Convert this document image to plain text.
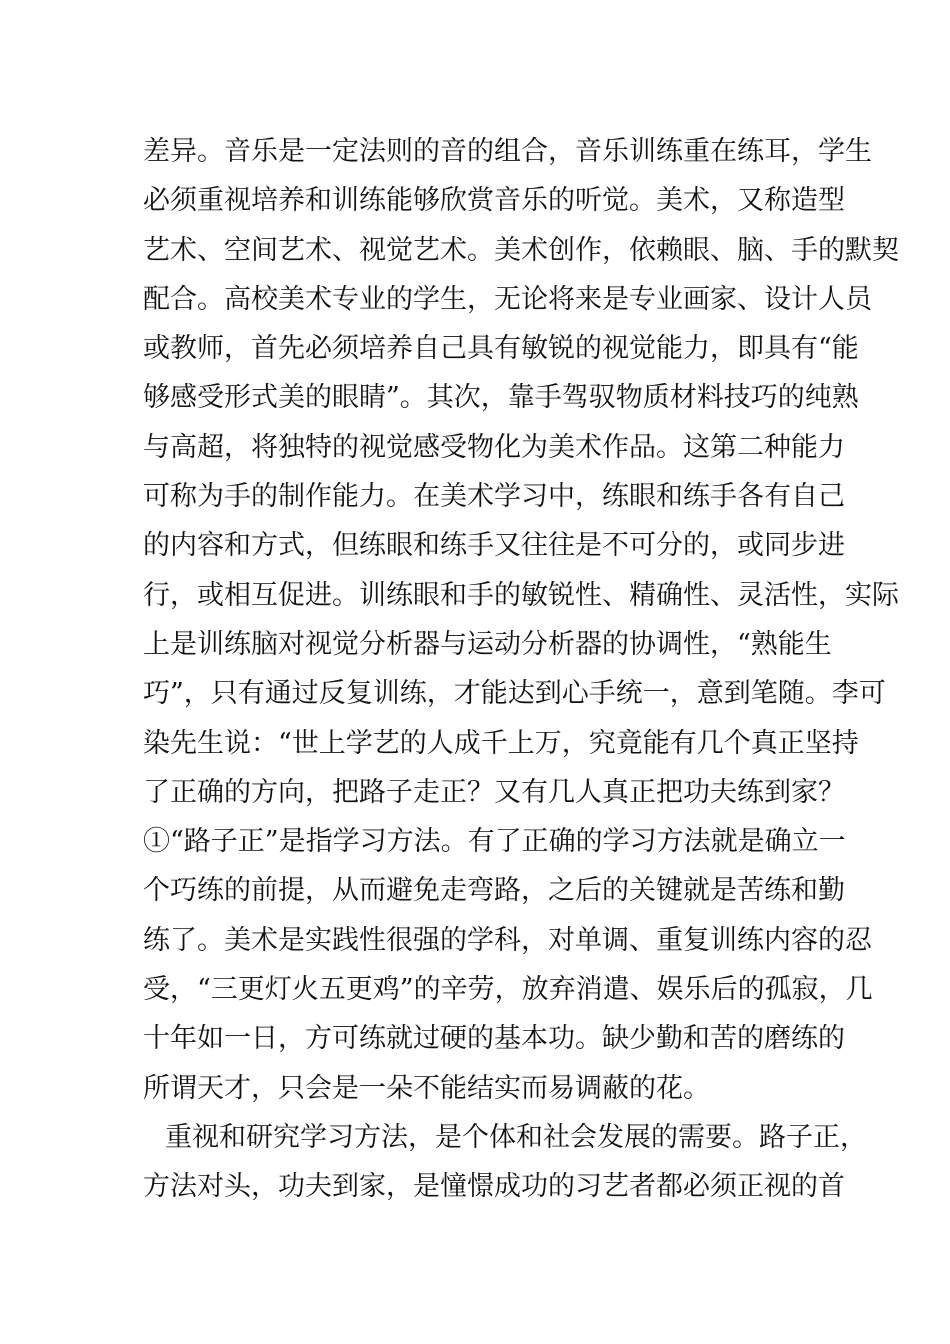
差异。音乐是一定法则的音的组合，音乐训练重在练耳，学生
必须重视培养和训练能够欣赏音乐的听觉。美术，又称造型
艺术、空间艺术、视觉艺术。美术创作，依赖眼、脑、手的默契
配合。高校美术专业的学生，无论将来是专业画家、设计人员
或教师，首先必须培养自己具有敏锐的视觉能力，即具有“能
够感受形式美的眼睛”。其次，靠手驾驭物质材料技巧的纯熟
与高超，将独特的视觉感受物化为美术作品。这第二种能力
可称为手的制作能力。在美术学习中，练眼和练手各有自己
的内容和方式，但练眼和练手又往往是不可分的，或同步进
行，或相互促进。训练眼和手的敏锐性、精确性、灵活性，实际
上是训练脑对视觉分析器与运动分析器的协调性，“熟能生
巧”，只有通过反复训练，才能达到心手统一，意到笔随。李可
染先生说：“世上学艺的人成千上万，究竟能有几个真正坚持
了正确的方向，把路子走正？又有几人真正把功夫练到家？
①“路子正”是指学习方法。有了正确的学习方法就是确立一
个巧练的前提，从而避免走弯路，之后的关键就是苦练和勤
练了。美术是实践性很强的学科，对单调、重复训练内容的忍
受，“三更灯火五更鸡”的辛劳，放弃消遣、娱乐后的孤寂，几
十年如一日，方可练就过硬的基本功。缺少勤和苦的磨练的
所谓天才，只会是一朵不能结实而易调蔽的花。
重视和研究学习方法，是个体和社会发展的需要。路子正，
方法对头，功夫到家，是憧憬成功的习艺者都必须正视的首
